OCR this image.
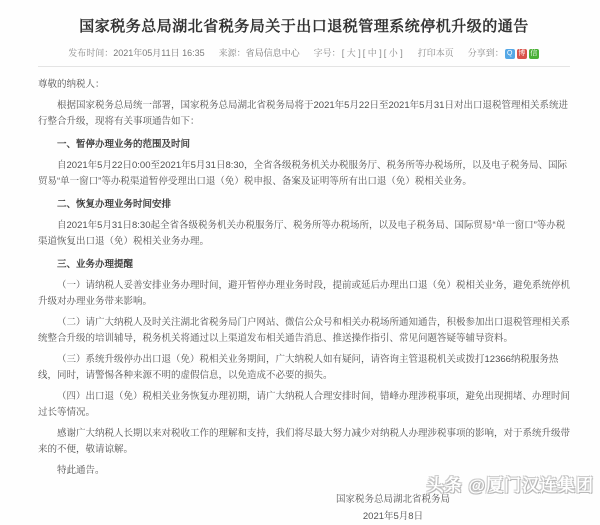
国家税务总局湖北省税务局关于出口退税管理系统停机升级的通告
发布时间：2021年05月11日 16:35 来源：省局信息中心 字号：[ 大 ] [ 中 ] [ 小 ] 打印本页 分享到： Q 博 信

尊敬的纳税人：

根据国家税务总局统一部署，国家税务总局湖北省税务局将于2021年5月22日至2021年5月31日对出口退税管理相关系统进行整合升级，现将有关事项通告如下：

一、暂停办理业务的范围及时间

自2021年5月22日0:00至2021年5月31日8:30，全省各级税务机关办税服务厅、税务所等办税场所，以及电子税务局、国际贸易“单一窗口”等办税渠道暂停受理出口退（免）税申报、备案及证明等所有出口退（免）税相关业务。

二、恢复办理业务时间安排

自2021年5月31日8:30起全省各级税务机关办税服务厅、税务所等办税场所，以及电子税务局、国际贸易“单一窗口”等办税渠道恢复出口退（免）税相关业务办理。

三、业务办理提醒

（一）请纳税人妥善安排业务办理时间，避开暂停办理业务时段，提前或延后办理出口退（免）税相关业务，避免系统停机升级对办理业务带来影响。

（二）请广大纳税人及时关注湖北省税务局门户网站、微信公众号和相关办税场所通知通告，积极参加出口退税管理相关系统整合升级的培训辅导，税务机关将通过以上渠道发布相关通告消息、推送操作指引、常见问题答疑等辅导资料。

（三）系统升级停办出口退（免）税相关业务期间，广大纳税人如有疑问，请咨询主管退税机关或拨打12366纳税服务热线，同时，请警惕各种来源不明的虚假信息，以免造成不必要的损失。

（四）出口退（免）税相关业务恢复办理初期，请广大纳税人合理安排时间，错峰办理涉税事项，避免出现拥堵、办理时间过长等情况。

感谢广大纳税人长期以来对税收工作的理解和支持，我们将尽最大努力减少对纳税人办理涉税事项的影响，对于系统升级带来的不便，敬请谅解。

特此通告。

国家税务总局湖北省税务局
2021年5月8日
头条 @厦门汉连集团
